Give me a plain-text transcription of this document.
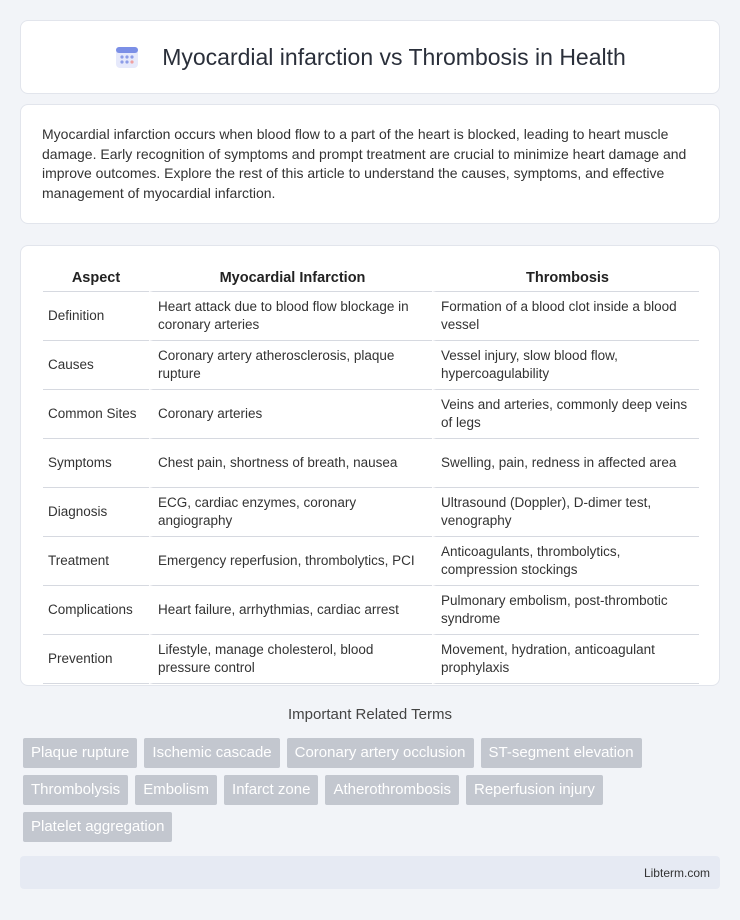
Myocardial infarction vs Thrombosis in Health

Myocardial infarction occurs when blood flow to a part of the heart is blocked, leading to heart muscle damage. Early recognition of symptoms and prompt treatment are crucial to minimize heart damage and improve outcomes. Explore the rest of this article to understand the causes, symptoms, and effective management of myocardial infarction.

Aspect	Myocardial Infarction	Thrombosis
Definition	Heart attack due to blood flow blockage in coronary arteries	Formation of a blood clot inside a blood vessel
Causes	Coronary artery atherosclerosis, plaque rupture	Vessel injury, slow blood flow, hypercoagulability
Common Sites	Coronary arteries	Veins and arteries, commonly deep veins of legs
Symptoms	Chest pain, shortness of breath, nausea	Swelling, pain, redness in affected area
Diagnosis	ECG, cardiac enzymes, coronary angiography	Ultrasound (Doppler), D-dimer test, venography
Treatment	Emergency reperfusion, thrombolytics, PCI	Anticoagulants, thrombolytics, compression stockings
Complications	Heart failure, arrhythmias, cardiac arrest	Pulmonary embolism, post-thrombotic syndrome
Prevention	Lifestyle, manage cholesterol, blood pressure control	Movement, hydration, anticoagulant prophylaxis
Important Related Terms
Plaque rupture	Ischemic cascade	Coronary artery occlusion	ST-segment elevation
Thrombolysis	Embolism	Infarct zone	Atherothrombosis	Reperfusion injury
Platelet aggregation
Libterm.com
